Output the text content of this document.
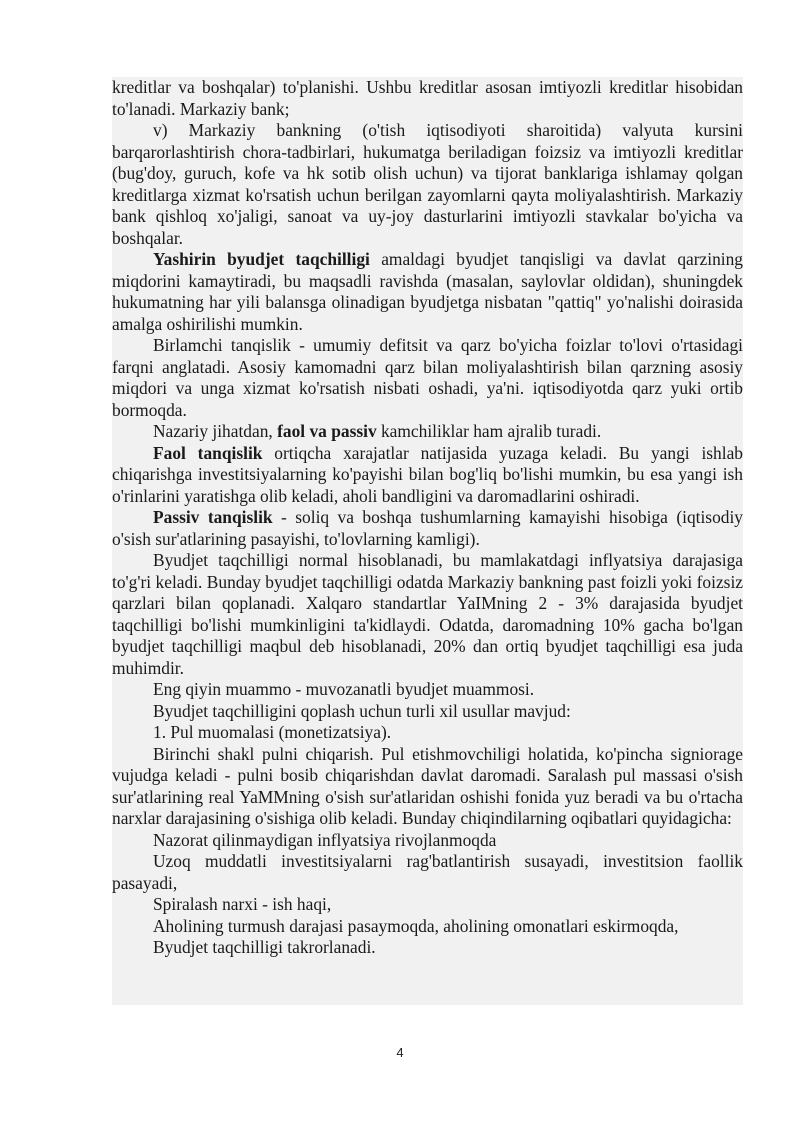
kreditlar va boshqalar) to'planishi. Ushbu kreditlar asosan imtiyozli kreditlar hisobidan to'lanadi. Markaziy bank;

v) Markaziy bankning (o'tish iqtisodiyoti sharoitida) valyuta kursini barqarorlashtirish chora-tadbirlari, hukumatga beriladigan foizsiz va imtiyozli kreditlar (bug'doy, guruch, kofe va hk sotib olish uchun) va tijorat banklariga ishlamay qolgan kreditlarga xizmat ko'rsatish uchun berilgan zayomlarni qayta moliyalashtirish. Markaziy bank qishloq xo'jaligi, sanoat va uy-joy dasturlarini imtiyozli stavkalar bo'yicha va boshqalar.

Yashirin byudjet taqchilligi amaldagi byudjet tanqisligi va davlat qarzining miqdorini kamaytiradi, bu maqsadli ravishda (masalan, saylovlar oldidan), shuningdek hukumatning har yili balansga olinadigan byudjetga nisbatan "qattiq" yo'nalishi doirasida amalga oshirilishi mumkin.

Birlamchi tanqislik - umumiy defitsit va qarz bo'yicha foizlar to'lovi o'rtasidagi farqni anglatadi. Asosiy kamomadni qarz bilan moliyalashtirish bilan qarzning asosiy miqdori va unga xizmat ko'rsatish nisbati oshadi, ya'ni. iqtisodiyotda qarz yuki ortib bormoqda.

Nazariy jihatdan, faol va passiv kamchiliklar ham ajralib turadi.

Faol tanqislik ortiqcha xarajatlar natijasida yuzaga keladi. Bu yangi ishlab chiqarishga investitsiyalarning ko'payishi bilan bog'liq bo'lishi mumkin, bu esa yangi ish o'rinlarini yaratishga olib keladi, aholi bandligini va daromadlarini oshiradi.

Passiv tanqislik - soliq va boshqa tushumlarning kamayishi hisobiga (iqtisodiy o'sish sur'atlarining pasayishi, to'lovlarning kamligi).

Byudjet taqchilligi normal hisoblanadi, bu mamlakatdagi inflyatsiya darajasiga to'g'ri keladi. Bunday byudjet taqchilligi odatda Markaziy bankning past foizli yoki foizsiz qarzlari bilan qoplanadi. Xalqaro standartlar YaIMning 2 - 3% darajasida byudjet taqchilligi bo'lishi mumkinligini ta'kidlaydi. Odatda, daromadning 10% gacha bo'lgan byudjet taqchilligi maqbul deb hisoblanadi, 20% dan ortiq byudjet taqchilligi esa juda muhimdir.

Eng qiyin muammo - muvozanatli byudjet muammosi.

Byudjet taqchilligini qoplash uchun turli xil usullar mavjud:

1. Pul muomalasi (monetizatsiya).

Birinchi shakl pulni chiqarish. Pul etishmovchiligi holatida, ko'pincha signiorage vujudga keladi - pulni bosib chiqarishdan davlat daromadi. Saralash pul massasi o'sish sur'atlarining real YaMMning o'sish sur'atlaridan oshishi fonida yuz beradi va bu o'rtacha narxlar darajasining o'sishiga olib keladi. Bunday chiqindilarning oqibatlari quyidagicha:

Nazorat qilinmaydigan inflyatsiya rivojlanmoqda

Uzoq muddatli investitsiyalarni rag'batlantirish susayadi, investitsion faollik pasayadi,

Spiralash narxi - ish haqi,

Aholining turmush darajasi pasaymoqda, aholining omonatlari eskirmoqda,

Byudjet taqchilligi takrorlanadi.

4
